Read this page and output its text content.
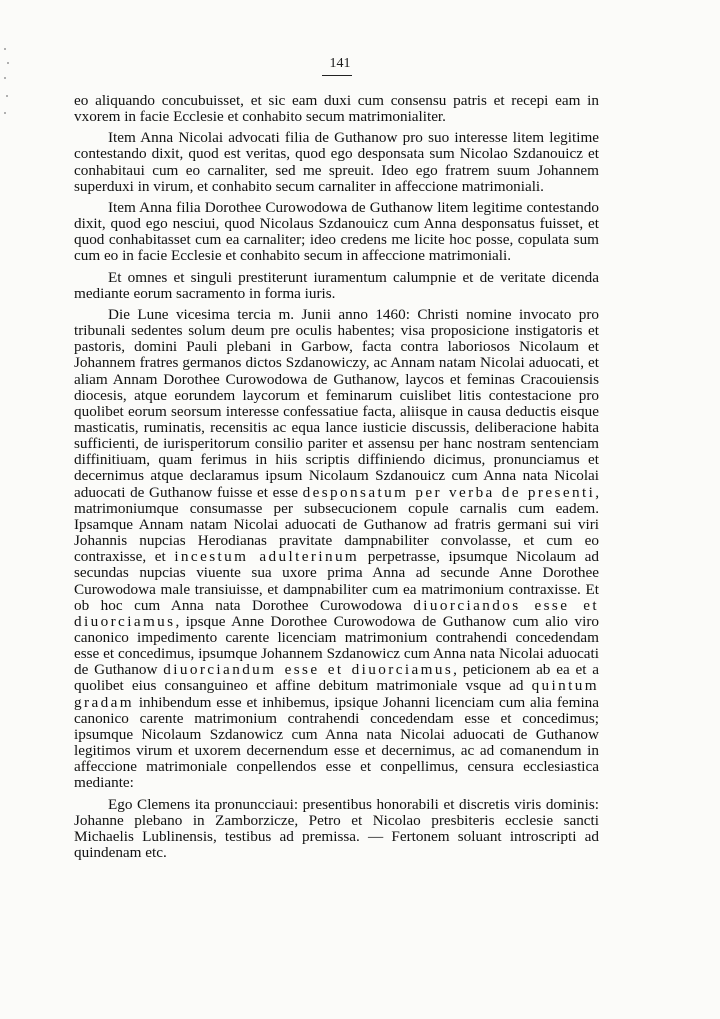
141

eo aliquando concubuisset, et sic eam duxi cum consensu patris et recepi eam in vxorem in facie Ecclesie et conhabito secum matrimonialiter.

Item Anna Nicolai advocati filia de Guthanow pro suo interesse litem legitime contestando dixit, quod est veritas, quod ego desponsata sum Nicolao Szdanouicz et conhabitaui cum eo carnaliter, sed me spreuit. Ideo ego fratrem suum Johannem superduxi in virum, et conhabito secum carnaliter in affeccione matrimoniali.

Item Anna filia Dorothee Curowodowa de Guthanow litem legitime contestando dixit, quod ego nesciui, quod Nicolaus Szdanouicz cum Anna desponsatus fuisset, et quod conhabitasset cum ea carnaliter; ideo credens me licite hoc posse, copulata sum cum eo in facie Ecclesie et conhabito secum in affeccione matrimoniali.

Et omnes et singuli prestiterunt iuramentum calumpnie et de veritate dicenda mediante eorum sacramento in forma iuris.

Die Lune vicesima tercia m. Junii anno 1460: Christi nomine invocato pro tribunali sedentes solum deum pre oculis habentes; visa proposicione instigatoris et pastoris, domini Pauli plebani in Garbow, facta contra laboriosos Nicolaum et Johannem fratres germanos dictos Szdanowiczy, ac Annam natam Nicolai aduocati, et aliam Annam Dorothee Curowodowa de Guthanow, laycos et feminas Cracouiensis diocesis, atque eorundem laycorum et feminarum cuislibet litis contestacione pro quolibet eorum seorsum interesse confessatiue facta, aliisque in causa deductis eisque masticatis, ruminatis, recensitis ac equa lance iusticie discussis, deliberacione habita sufficienti, de iurisperitorum consilio pariter et assensu per hanc nostram sentenciam diffinitiuam, quam ferimus in hiis scriptis diffiniendo dicimus, pronunciamus et decernimus atque declaramus ipsum Nicolaum Szdanouicz cum Anna nata Nicolai aduocati de Guthanow fuisse et esse desponsatum per verba de presenti, matrimoniumque consumasse per subsecucionem copule carnalis cum eadem. Ipsamque Annam natam Nicolai aduocati de Guthanow ad fratris germani sui viri Johannis nupcias Herodianas pravitate dampnabiliter convolasse, et cum eo contraxisse, et incestum adulterinum perpetrasse, ipsumque Nicolaum ad secundas nupcias viuente sua uxore prima Anna ad secunde Anne Dorothee Curowodowa male transiuisse, et dampnabiliter cum ea matrimonium contraxisse. Et ob hoc cum Anna nata Dorothee Curowodowa diuorciandos esse et diuorciamus, ipsque Anne Dorothee Curowodowa de Guthanow cum alio viro canonico impedimento carente licenciam matrimonium contrahendi concedendam esse et concedimus, ipsumque Johannem Szdanowicz cum Anna nata Nicolai aduocati de Guthanow diuorciandum esse et diuorciamus, peticionem ab ea et a quolibet eius consanguineo et affine debitum matrimoniale vsque ad quintum gradam inhibendum esse et inhibemus, ipsique Johanni licenciam cum alia femina canonico carente matrimonium contrahendi concedendam esse et concedimus; ipsumque Nicolaum Szdanowicz cum Anna nata Nicolai aduocati de Guthanow legitimos virum et uxorem decernendum esse et decernimus, ac ad comanendum in affeccione matrimoniale conpellendos esse et conpellimus, censura ecclesiastica mediante:

Ego Clemens ita pronuncciaui: presentibus honorabili et discretis viris dominis: Johanne plebano in Zamborzicze, Petro et Nicolao presbiteris ecclesie sancti Michaelis Lublinensis, testibus ad premissa. — Fertonem soluant introscripti ad quindenam etc.
